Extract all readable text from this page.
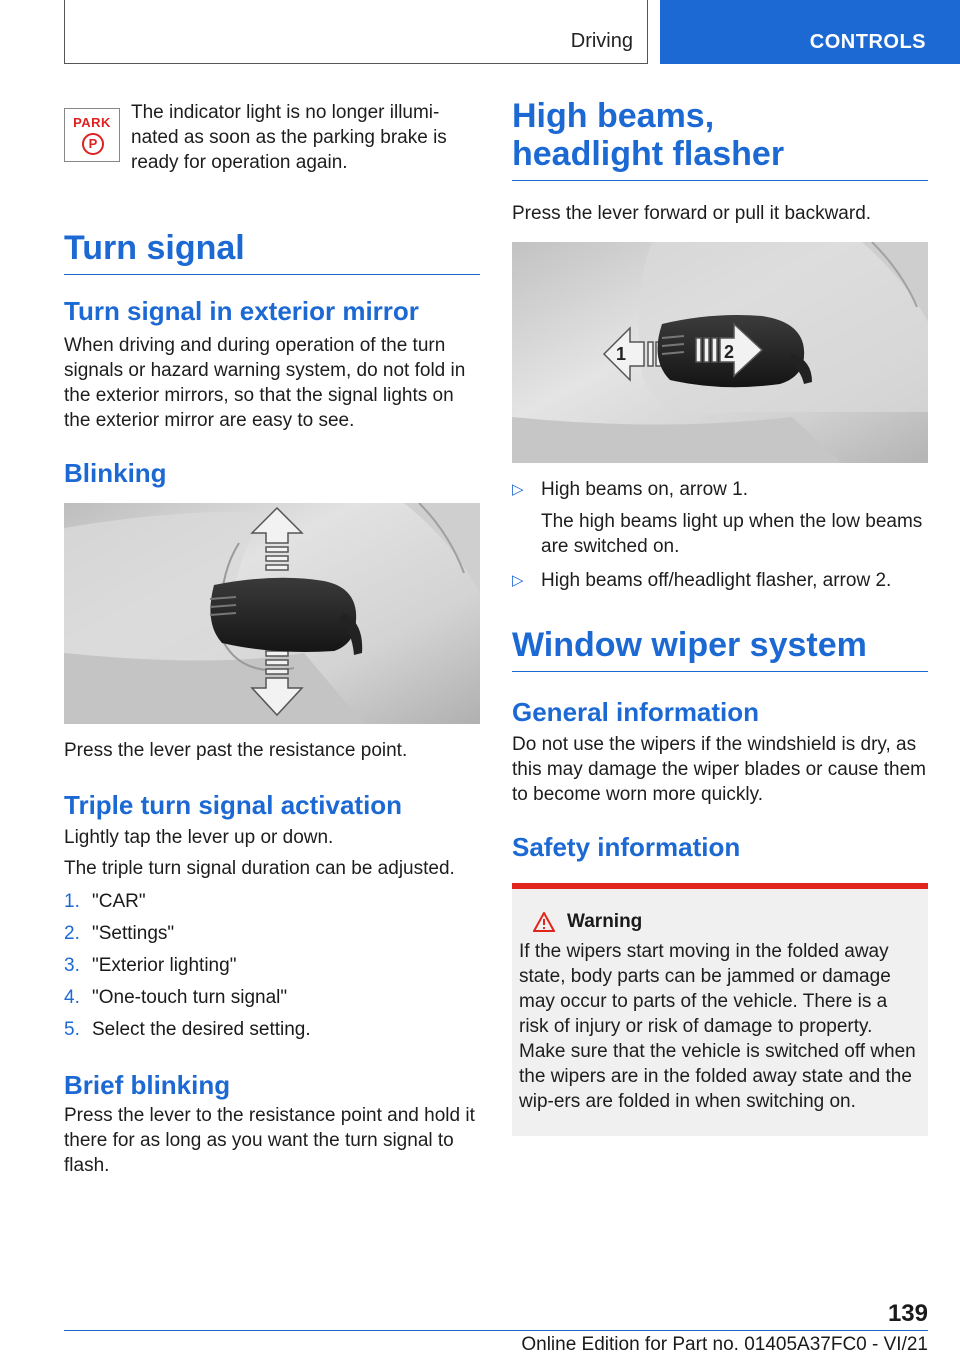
Driving	CONTROLS
PARK
P

The indicator light is no longer illumi-nated as soon as the parking brake is ready for operation again.

Turn signal
Turn signal in exterior mirror

When driving and during operation of the turn signals or hazard warning system, do not fold in the exterior mirrors, so that the signal lights on the exterior mirror are easy to see.

Blinking

Press the lever past the resistance point.

Triple turn signal activation

Lightly tap the lever up or down.

The triple turn signal duration can be adjusted.

1. "CAR"
2. "Settings"
3. "Exterior lighting"
4. "One-touch turn signal"
5. Select the desired setting.
Brief blinking

Press the lever to the resistance point and hold it there for as long as you want the turn signal to flash.

High beams,
headlight flasher

Press the lever forward or pull it backward.

1	2
▷ High beams on, arrow 1.

The high beams light up when the low beams are switched on.

▷ High beams off/headlight flasher, arrow 2.

Window wiper system
General information

Do not use the wipers if the windshield is dry, as this may damage the wiper blades or cause them to become worn more quickly.

Safety information
Warning

If the wipers start moving in the folded away state, body parts can be jammed or damage may occur to parts of the vehicle. There is a risk of injury or risk of damage to property. Make sure that the vehicle is switched off when the wipers are in the folded away state and the wip-ers are folded in when switching on.

139
Online Edition for Part no. 01405A37FC0 - VI/21
